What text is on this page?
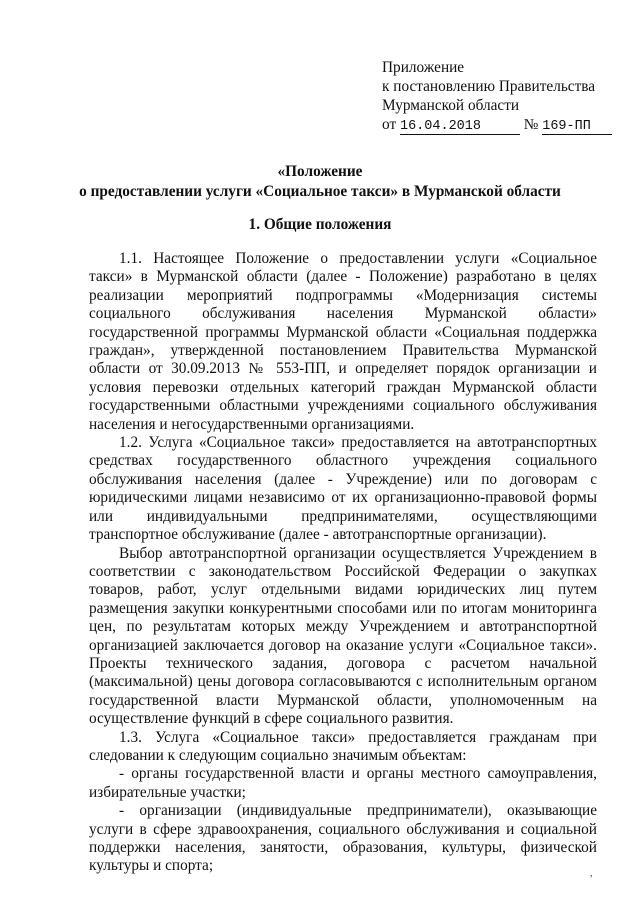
Приложение
к постановлению Правительства
Мурманской области
от 16.04.2018	№ 169-ПП
«Положение
о предоставлении услуги «Социальное такси» в Мурманской области
1. Общие положения

1.1. Настоящее Положение о предоставлении услуги «Социальное такси» в Мурманской области (далее - Положение) разработано в целях реализации мероприятий подпрограммы «Модернизация системы социального обслуживания населения Мурманской области» государственной программы Мурманской области «Социальная поддержка граждан», утвержденной постановлением Правительства Мурманской области от 30.09.2013 № 553-ПП, и определяет порядок организации и условия перевозки отдельных категорий граждан Мурманской области государственными областными учреждениями социального обслуживания населения и негосударственными организациями.

1.2. Услуга «Социальное такси» предоставляется на автотранспортных средствах государственного областного учреждения социального обслуживания населения (далее - Учреждение) или по договорам с юридическими лицами независимо от их организационно-правовой формы или индивидуальными предпринимателями, осуществляющими транспортное обслуживание (далее - автотранспортные организации).

Выбор автотранспортной организации осуществляется Учреждением в соответствии с законодательством Российской Федерации о закупках товаров, работ, услуг отдельными видами юридических лиц путем размещения закупки конкурентными способами или по итогам мониторинга цен, по результатам которых между Учреждением и автотранспортной организацией заключается договор на оказание услуги «Социальное такси». Проекты технического задания, договора с расчетом начальной (максимальной) цены договора согласовываются с исполнительным органом государственной власти Мурманской области, уполномоченным на осуществление функций в сфере социального развития.

1.3. Услуга «Социальное такси» предоставляется гражданам при следовании к следующим социально значимым объектам:

- органы государственной власти и органы местного самоуправления, избирательные участки;

- организации (индивидуальные предприниматели), оказывающие услуги в сфере здравоохранения, социального обслуживания и социальной поддержки населения, занятости, образования, культуры, физической культуры и спорта;	,
